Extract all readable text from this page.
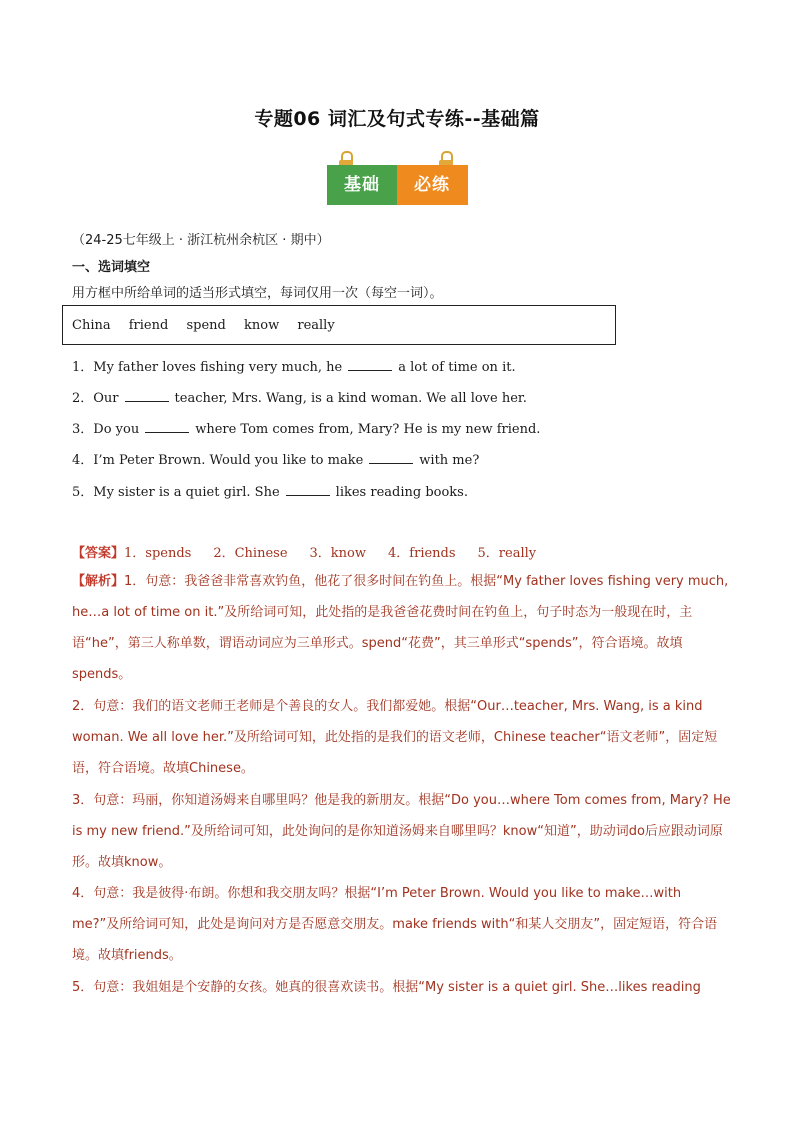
专题06 词汇及句式专练--基础篇
基础	必练
（24-25七年级上 · 浙江杭州余杭区 · 期中）
一、选词填空
用方框中所给单词的适当形式填空，每词仅用一次（每空一词）。
China friend spend know really
1．My father loves fishing very much, he	a lot of time on it.
2．Our	teacher, Mrs. Wang, is a kind woman. We all love her.
3．Do you	where Tom comes from, Mary? He is my new friend.
4．I’m Peter Brown. Would you like to make	with me?
5．My sister is a quiet girl. She	likes reading books.
【答案】1．spends 2．Chinese 3．know 4．friends 5．really
【解析】1．句意：我爸爸非常喜欢钓鱼，他花了很多时间在钓鱼上。根据“My father loves fishing very much, he…a lot of time on it.”及所给词可知，此处指的是我爸爸花费时间在钓鱼上，句子时态为一般现在时，主语“he”，第三人称单数，谓语动词应为三单形式。spend“花费”，其三单形式“spends”，符合语境。故填spends。
2．句意：我们的语文老师王老师是个善良的女人。我们都爱她。根据“Our…teacher, Mrs. Wang, is a kind woman. We all love her.”及所给词可知，此处指的是我们的语文老师，Chinese teacher“语文老师”，固定短语，符合语境。故填Chinese。
3．句意：玛丽，你知道汤姆来自哪里吗？他是我的新朋友。根据“Do you…where Tom comes from, Mary? He is my new friend.”及所给词可知，此处询问的是你知道汤姆来自哪里吗？know“知道”，助动词do后应跟动词原形。故填know。
4．句意：我是彼得·布朗。你想和我交朋友吗？根据“I’m Peter Brown. Would you like to make…with me?”及所给词可知，此处是询问对方是否愿意交朋友。make friends with“和某人交朋友”，固定短语，符合语境。故填friends。
5．句意：我姐姐是个安静的女孩。她真的很喜欢读书。根据“My sister is a quiet girl. She…likes reading
